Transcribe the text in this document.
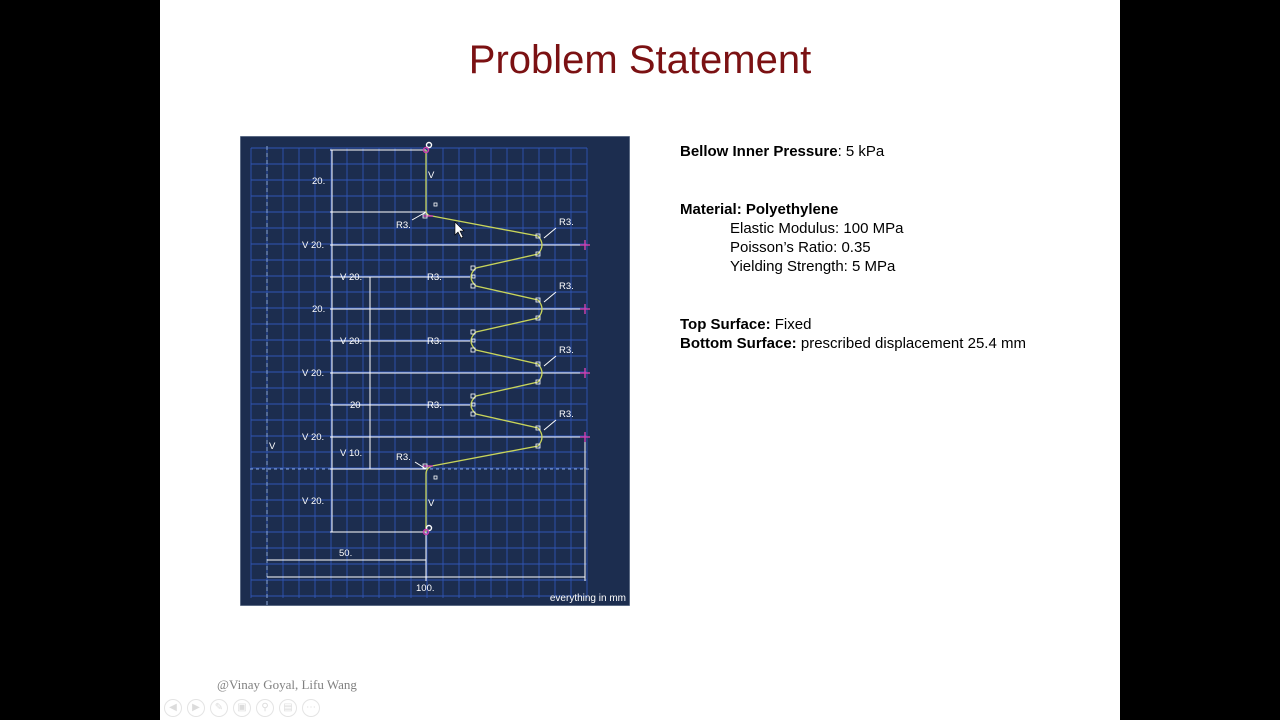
Problem Statement
20.
V 20.
V 20.
20.
V 20.
V 20.
20
V 20.
V 10.
V 20.
50.
100.
V
V
V
R3.
R3.
R3.
R3.
R3.
R3.
R3.
R3.
R3.
everything in mm
Bellow Inner Pressure: 5 kPa
Material: Polyethylene
Elastic Modulus: 100 MPa
Poisson’s Ratio: 0.35
Yielding Strength: 5 MPa
Top Surface: Fixed
Bottom Surface: prescribed displacement 25.4 mm
@Vinay Goyal, Lifu Wang
◀	▶	✎	▣	⚲	▤	⋯
